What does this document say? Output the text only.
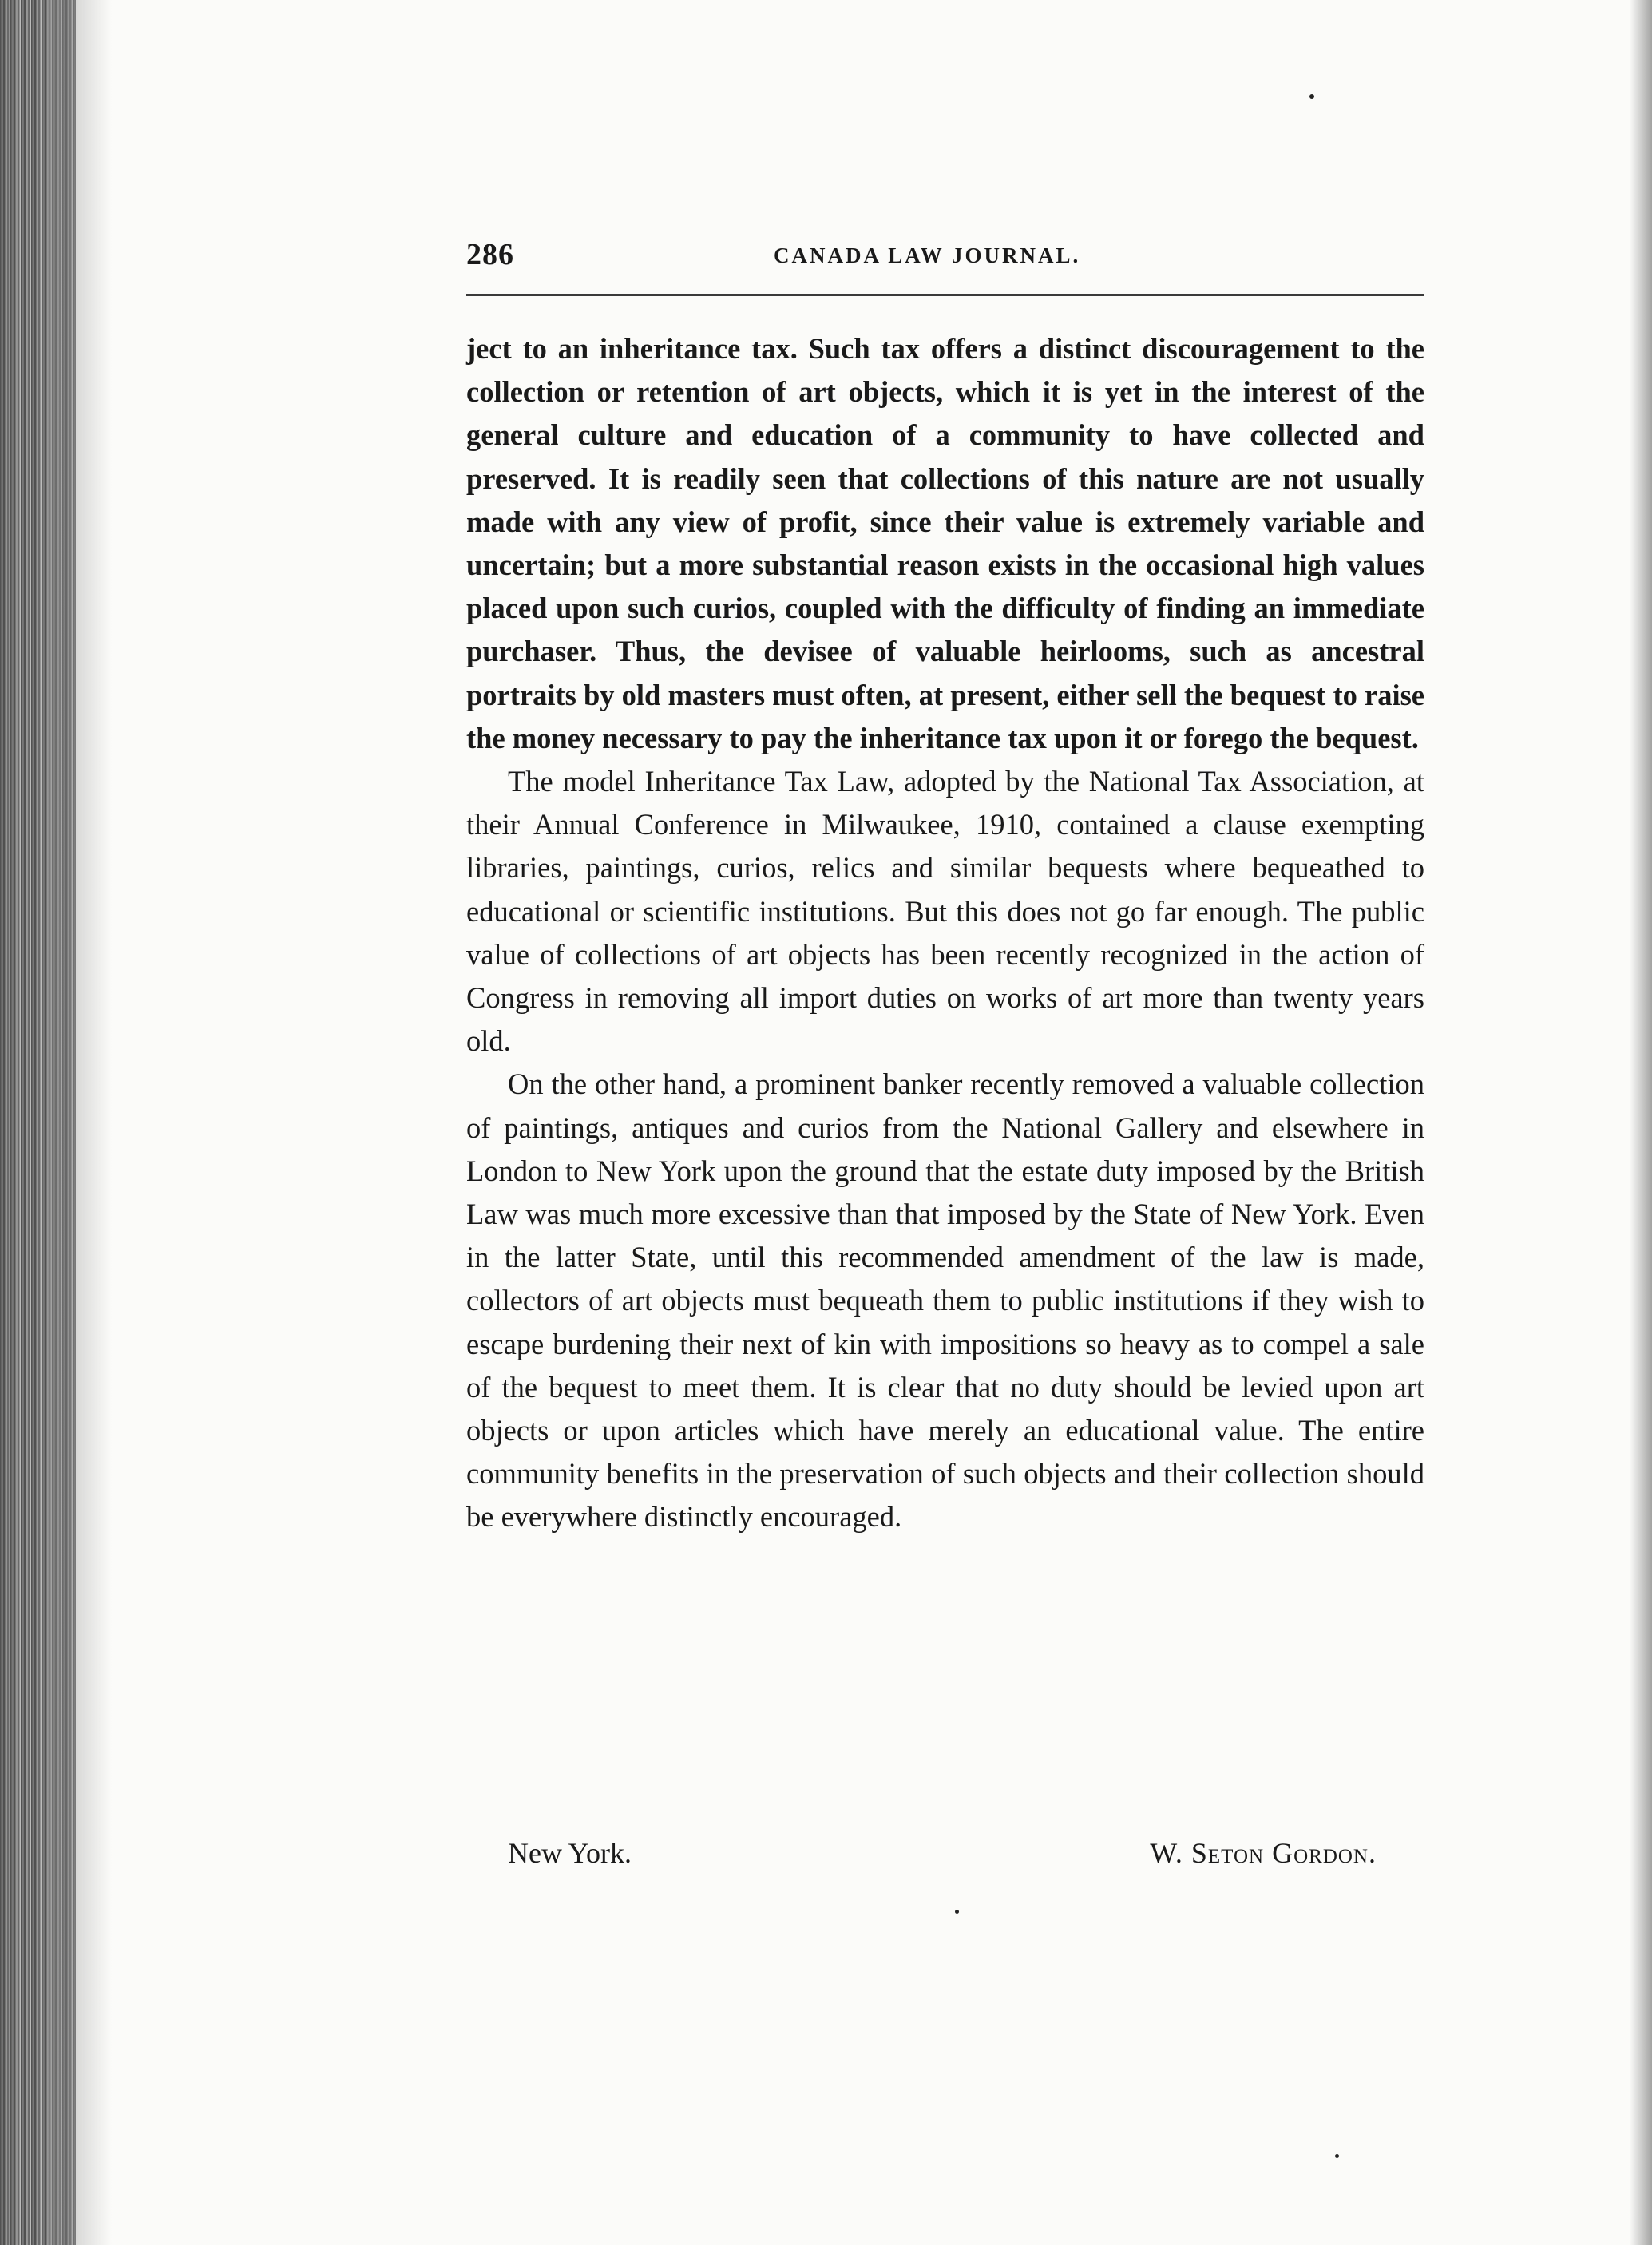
286	CANADA LAW JOURNAL.

ject to an inheritance tax. Such tax offers a distinct discouragement to the collection or retention of art objects, which it is yet in the interest of the general culture and education of a community to have collected and preserved. It is readily seen that collections of this nature are not usually made with any view of profit, since their value is extremely variable and uncertain; but a more substantial reason exists in the occasional high values placed upon such curios, coupled with the difficulty of finding an immediate purchaser. Thus, the devisee of valuable heirlooms, such as ancestral portraits by old masters must often, at present, either sell the bequest to raise the money necessary to pay the inheritance tax upon it or forego the bequest.

The model Inheritance Tax Law, adopted by the National Tax Association, at their Annual Conference in Milwaukee, 1910, contained a clause exempting libraries, paintings, curios, relics and similar bequests where bequeathed to educational or scientific institutions. But this does not go far enough. The public value of collections of art objects has been recently recognized in the action of Congress in removing all import duties on works of art more than twenty years old.

On the other hand, a prominent banker recently removed a valuable collection of paintings, antiques and curios from the National Gallery and elsewhere in London to New York upon the ground that the estate duty imposed by the British Law was much more excessive than that imposed by the State of New York. Even in the latter State, until this recommended amendment of the law is made, collectors of art objects must bequeath them to public institutions if they wish to escape burdening their next of kin with impositions so heavy as to compel a sale of the bequest to meet them. It is clear that no duty should be levied upon art objects or upon articles which have merely an educational value. The entire community benefits in the preservation of such objects and their collection should be everywhere distinctly encouraged.

New York.	W. Seton Gordon.
